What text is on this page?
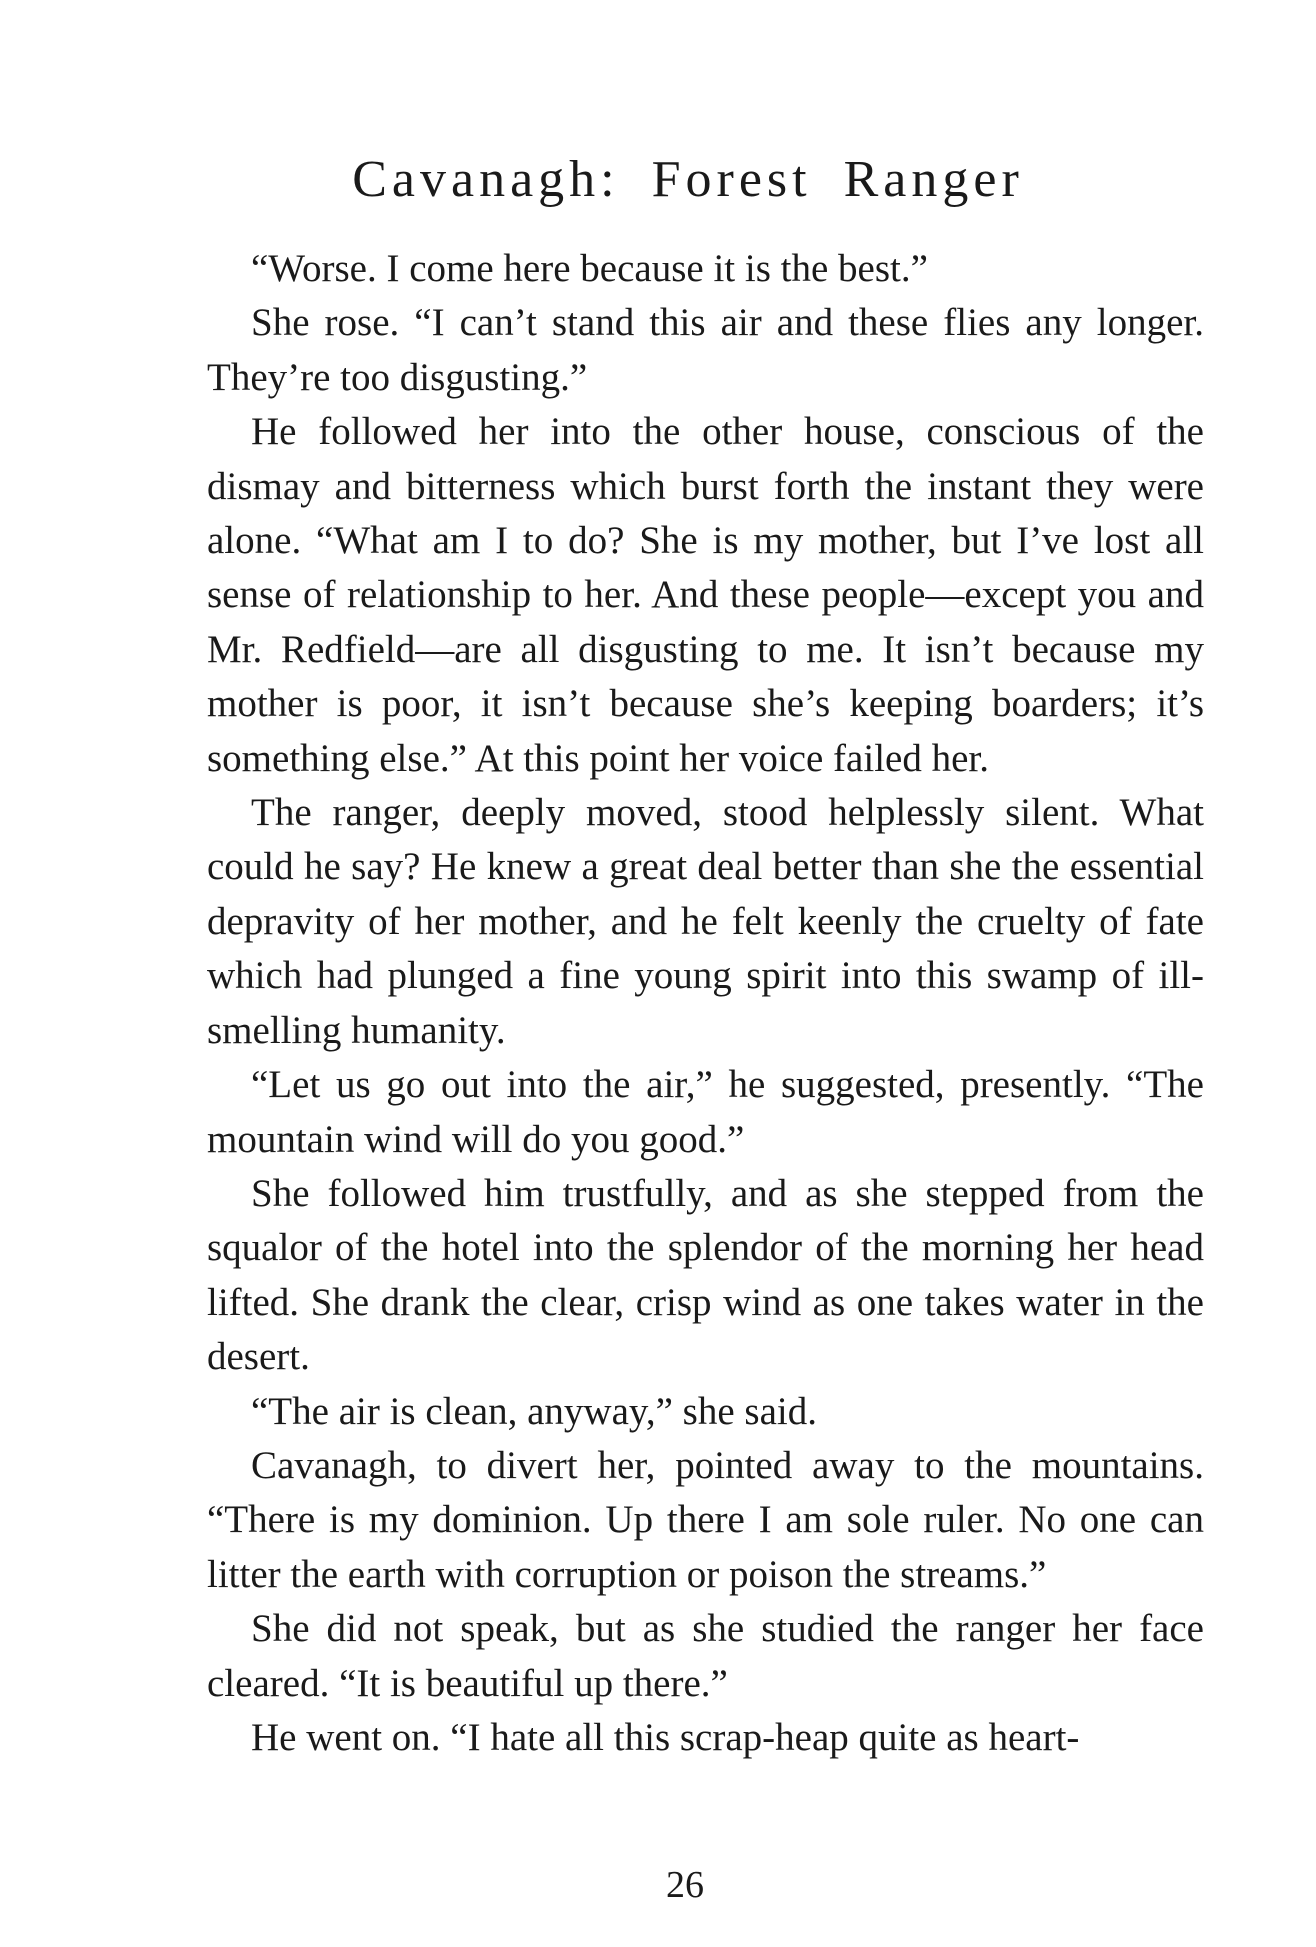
Cavanagh: Forest Ranger

“Worse. I come here because it is the best.”

She rose. “I can’t stand this air and these flies any longer. They’re too disgusting.”

He followed her into the other house, conscious of the dismay and bitterness which burst forth the instant they were alone. “What am I to do? She is my mother, but I’ve lost all sense of relationship to her. And these people—except you and Mr. Redfield—are all disgusting to me. It isn’t because my mother is poor, it isn’t because she’s keeping boarders; it’s something else.” At this point her voice failed her.

The ranger, deeply moved, stood helplessly silent. What could he say? He knew a great deal better than she the essential depravity of her mother, and he felt keenly the cruelty of fate which had plunged a fine young spirit into this swamp of ill-smelling humanity.

“Let us go out into the air,” he suggested, presently. “The mountain wind will do you good.”

She followed him trustfully, and as she stepped from the squalor of the hotel into the splendor of the morning her head lifted. She drank the clear, crisp wind as one takes water in the desert.

“The air is clean, anyway,” she said.

Cavanagh, to divert her, pointed away to the mountains. “There is my dominion. Up there I am sole ruler. No one can litter the earth with corruption or poison the streams.”

She did not speak, but as she studied the ranger her face cleared. “It is beautiful up there.”

He went on. “I hate all this scrap-heap quite as heart-

26
